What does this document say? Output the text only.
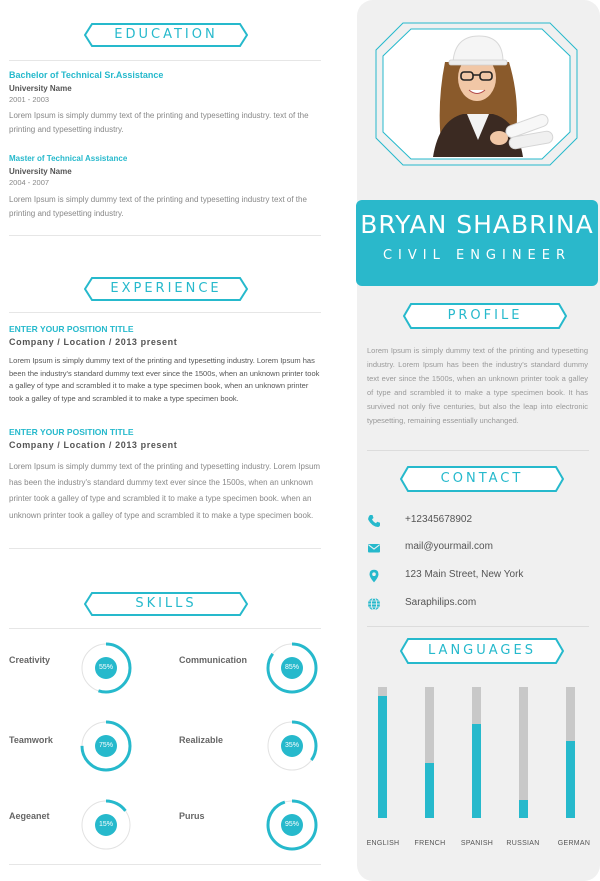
EDUCATION
Bachelor of Technical Sr.Assistance
University Name
2001 - 2003
Lorem Ipsum is simply dummy text of the printing and typesetting industry. text of the printing and typesetting industry.
Master of Technical Assistance
University Name
2004 - 2007
Lorem Ipsum is simply dummy text of the printing and typesetting industry text of the printing and typesetting industry.
EXPERIENCE
ENTER YOUR POSITION TITLE
Company / Location / 2013 present
Lorem Ipsum is simply dummy text of the printing and typesetting industry. Lorem Ipsum has been the industry's standard dummy text ever since the 1500s, when an unknown printer took a galley of type and scrambled it to make a type specimen book, when an unknown printer took a galley of type and scrambled it to make a type specimen book.
ENTER YOUR POSITION TITLE
Company / Location / 2013 present
Lorem Ipsum is simply dummy text of the printing and typesetting industry. Lorem Ipsum has been the industry's standard dummy text ever since the 1500s, when an unknown printer took a galley of type and scrambled it to make a type specimen book. when an unknown printer took a galley of type and scrambled it to make a type specimen book.
SKILLS
Creativity
55%
Communication
85%
Teamwork
75%
Realizable
35%
Aegeanet
15%
Purus
95%
PROFILE
Lorem Ipsum is simply dummy text of the printing and typesetting industry. Lorem Ipsum has been the industry's standard dummy text ever since the 1500s, when an unknown printer took a galley of type and scrambled it to make a type specimen book. It has survived not only five centuries, but also the leap into electronic typesetting, remaining essentially unchanged.
CONTACT
+12345678902
mail@yourmail.com
123 Main Street, New York
Saraphilips.com
LANGUAGES
ENGLISH	FRENCH	SPANISH	RUSSIAN	GERMAN
BRYAN SHABRINA
CIVIL ENGINEER
